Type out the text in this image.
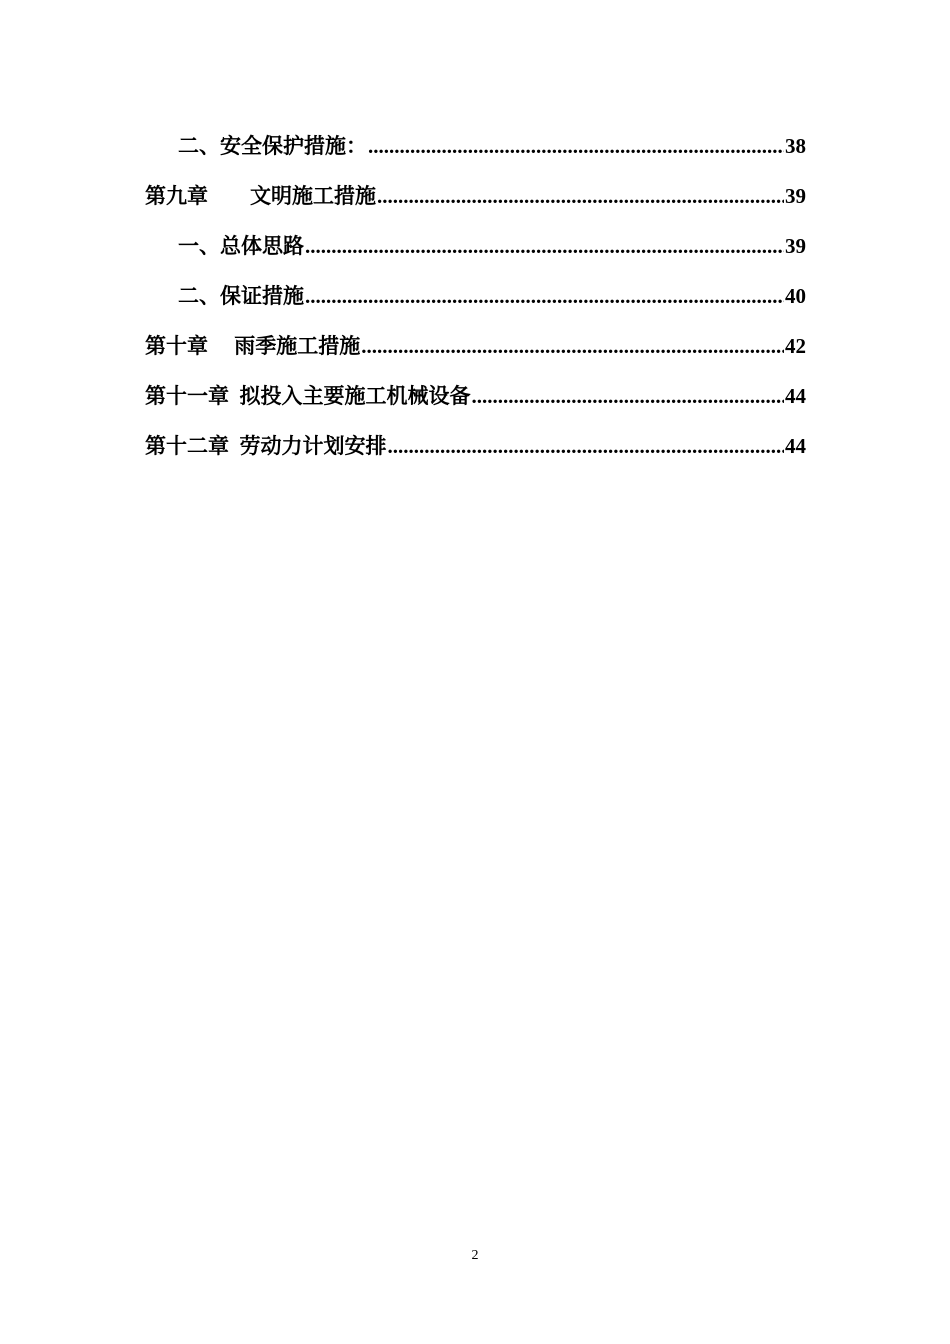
二、安全保护措施： .....	38
第九章　　文明施工措施 .....	39
一、总体思路 .....	39
二、保证措施 .....	40
第十章　 雨季施工措施 .....	42
第十一章  拟投入主要施工机械设备 .....	44
第十二章  劳动力计划安排 .....	44
2
